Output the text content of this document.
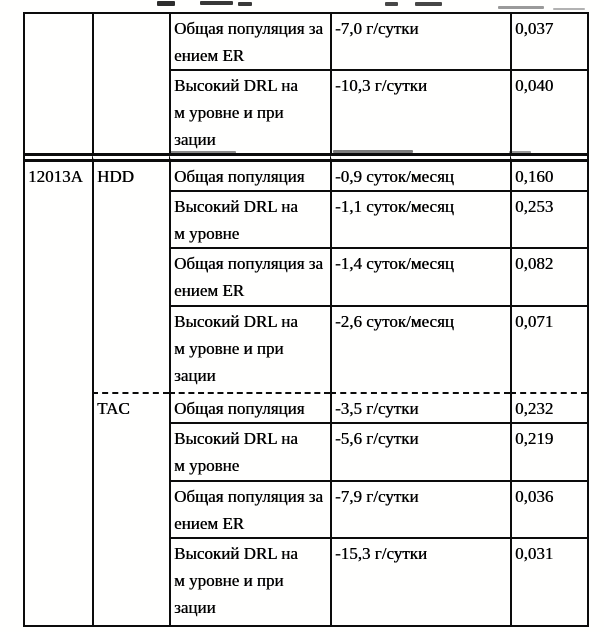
		Общая популяция за
ением ER	-7,0 г/сутки	0,037

		Высокий DRL на
м уровне и при
зации	-10,3 г/сутки	0,040
12013A	HDD	Общая популяция	-0,9 суток/месяц	0,160

		Высокий DRL на
м уровне	-1,1 суток/месяц	0,253

		Общая популяция за
ением ER	-1,4 суток/месяц	0,082

		Высокий DRL на
м уровне и при
зации	-2,6 суток/месяц	0,071
	TAC	Общая популяция	-3,5 г/сутки	0,232

		Высокий DRL на
м уровне	-5,6 г/сутки	0,219

		Общая популяция за
ением ER	-7,9 г/сутки	0,036

		Высокий DRL на
м уровне и при
зации	-15,3 г/сутки	0,031
